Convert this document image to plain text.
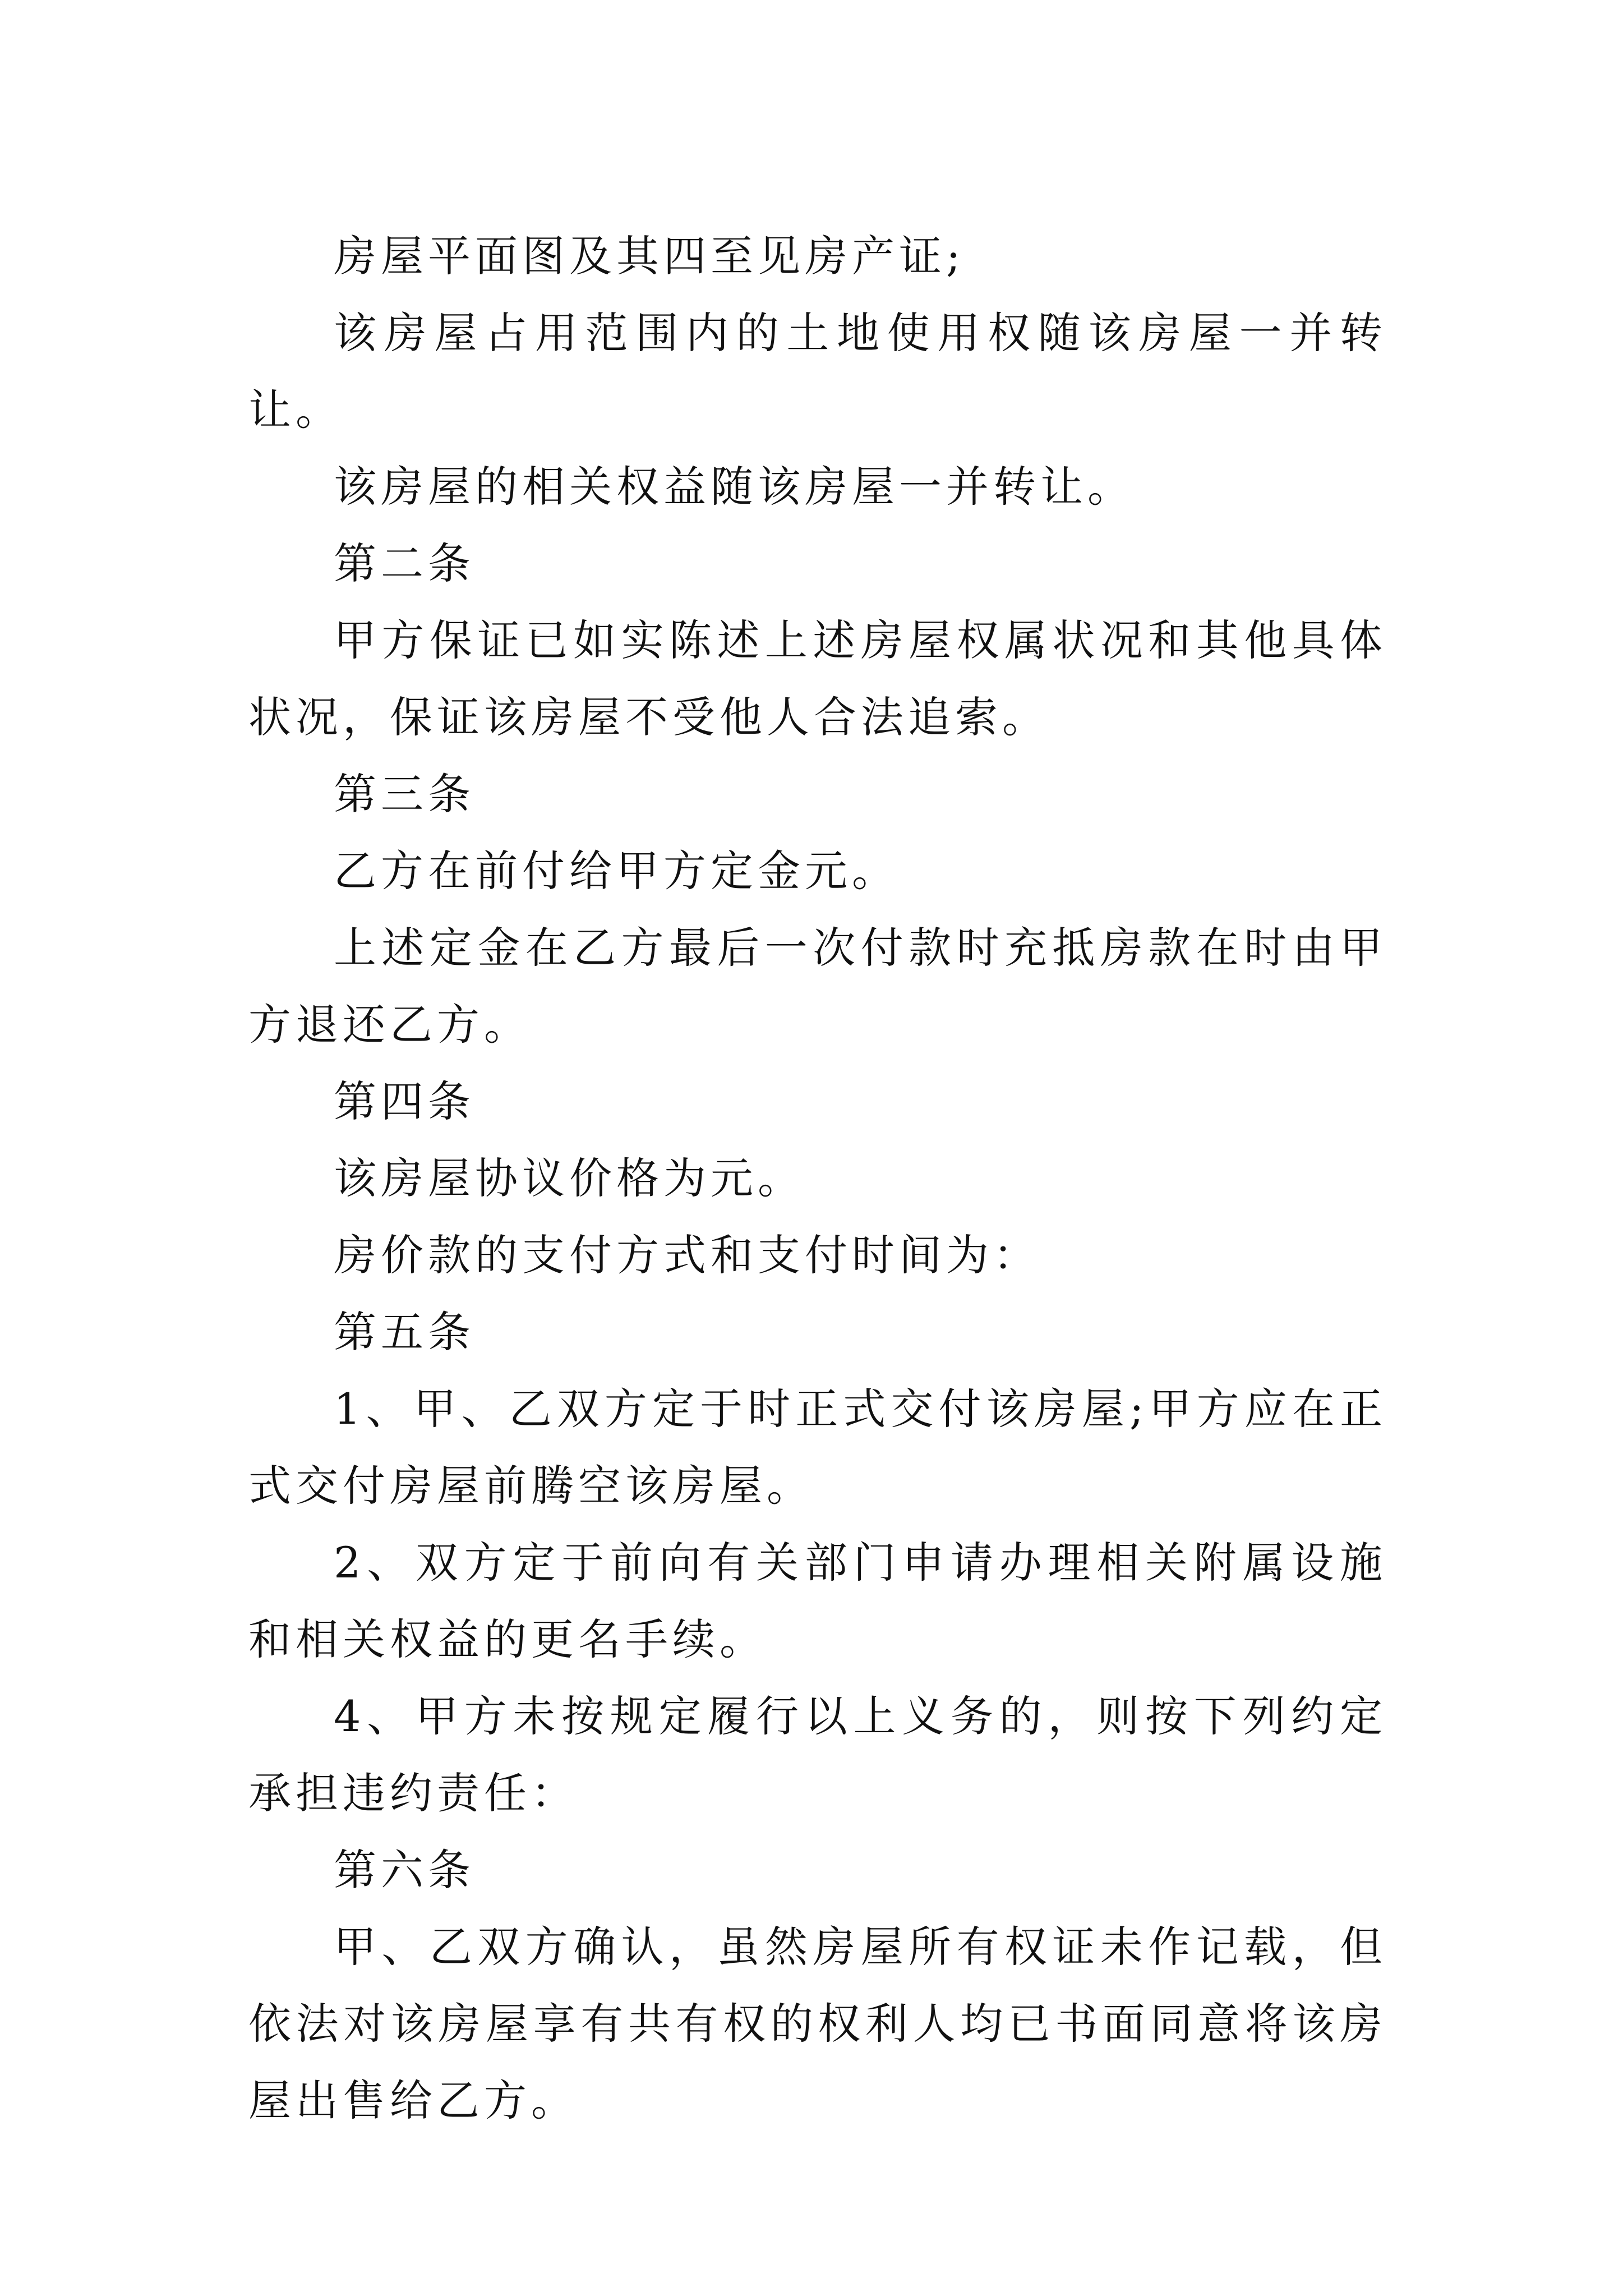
房屋平面图及其四至见房产证;

该房屋占用范围内的土地使用权随该房屋一并转让。

该房屋的相关权益随该房屋一并转让。

第二条

甲方保证已如实陈述上述房屋权属状况和其他具体状况，保证该房屋不受他人合法追索。

第三条

乙方在前付给甲方定金元。

上述定金在乙方最后一次付款时充抵房款在时由甲方退还乙方。

第四条

该房屋协议价格为元。

房价款的支付方式和支付时间为：

第五条

1、甲、乙双方定于时正式交付该房屋;甲方应在正式交付房屋前腾空该房屋。

2、双方定于前向有关部门申请办理相关附属设施和相关权益的更名手续。

4、甲方未按规定履行以上义务的，则按下列约定承担违约责任：

第六条

甲、乙双方确认，虽然房屋所有权证未作记载，但依法对该房屋享有共有权的权利人均已书面同意将该房屋出售给乙方。
